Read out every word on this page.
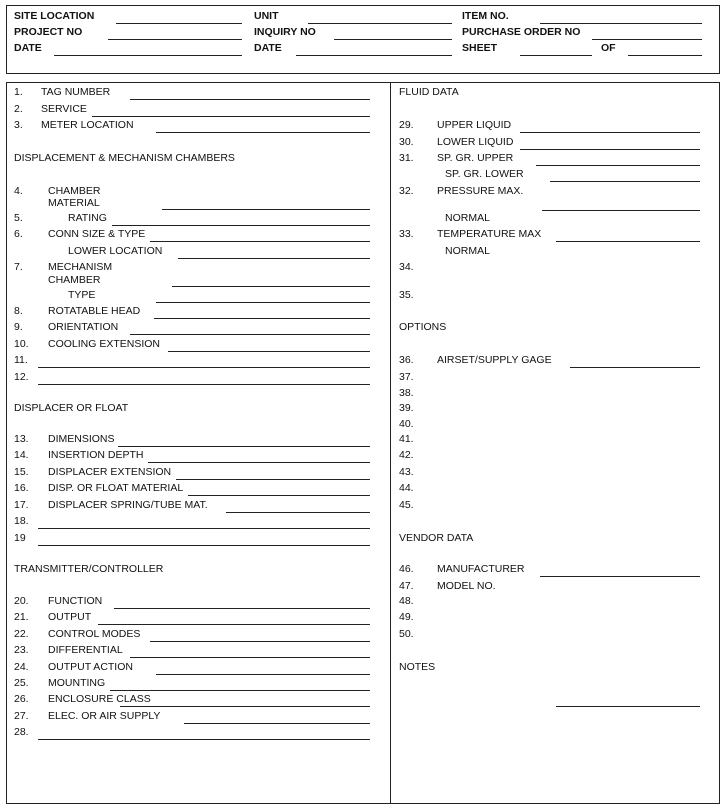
SITE LOCATION	UNIT	ITEM NO.
PROJECT NO	INQUIRY NO	PURCHASE ORDER NO
DATE	DATE	SHEET	OF
1. TAG NUMBER
2. SERVICE
3. METER LOCATION
DISPLACEMENT & MECHANISM CHAMBERS
4. CHAMBER
MATERIAL
5.	RATING
6. CONN SIZE & TYPE
LOWER LOCATION
7. MECHANISM
CHAMBER
TYPE
8. ROTATABLE HEAD
9. ORIENTATION
10. COOLING EXTENSION
11.
12.
DISPLACER OR FLOAT
13. DIMENSIONS
14. INSERTION DEPTH
15. DISPLACER EXTENSION
16. DISP. OR FLOAT MATERIAL
17. DISPLACER SPRING/TUBE MAT.
18.
19
TRANSMITTER/CONTROLLER
20. FUNCTION
21. OUTPUT
22. CONTROL MODES
23. DIFFERENTIAL
24. OUTPUT ACTION
25. MOUNTING
26. ENCLOSURE CLASS
27. ELEC. OR AIR SUPPLY
28.
FLUID DATA
29. UPPER LIQUID
30. LOWER LIQUID
31. SP. GR. UPPER
SP. GR. LOWER
32. PRESSURE MAX.
NORMAL
33. TEMPERATURE MAX
NORMAL
34.
35.
OPTIONS
36. AIRSET/SUPPLY GAGE
37.
38.
39.
40.
41.
42.
43.
44.
45.
VENDOR DATA
46. MANUFACTURER
47. MODEL NO.
48.
49.
50.
NOTES
